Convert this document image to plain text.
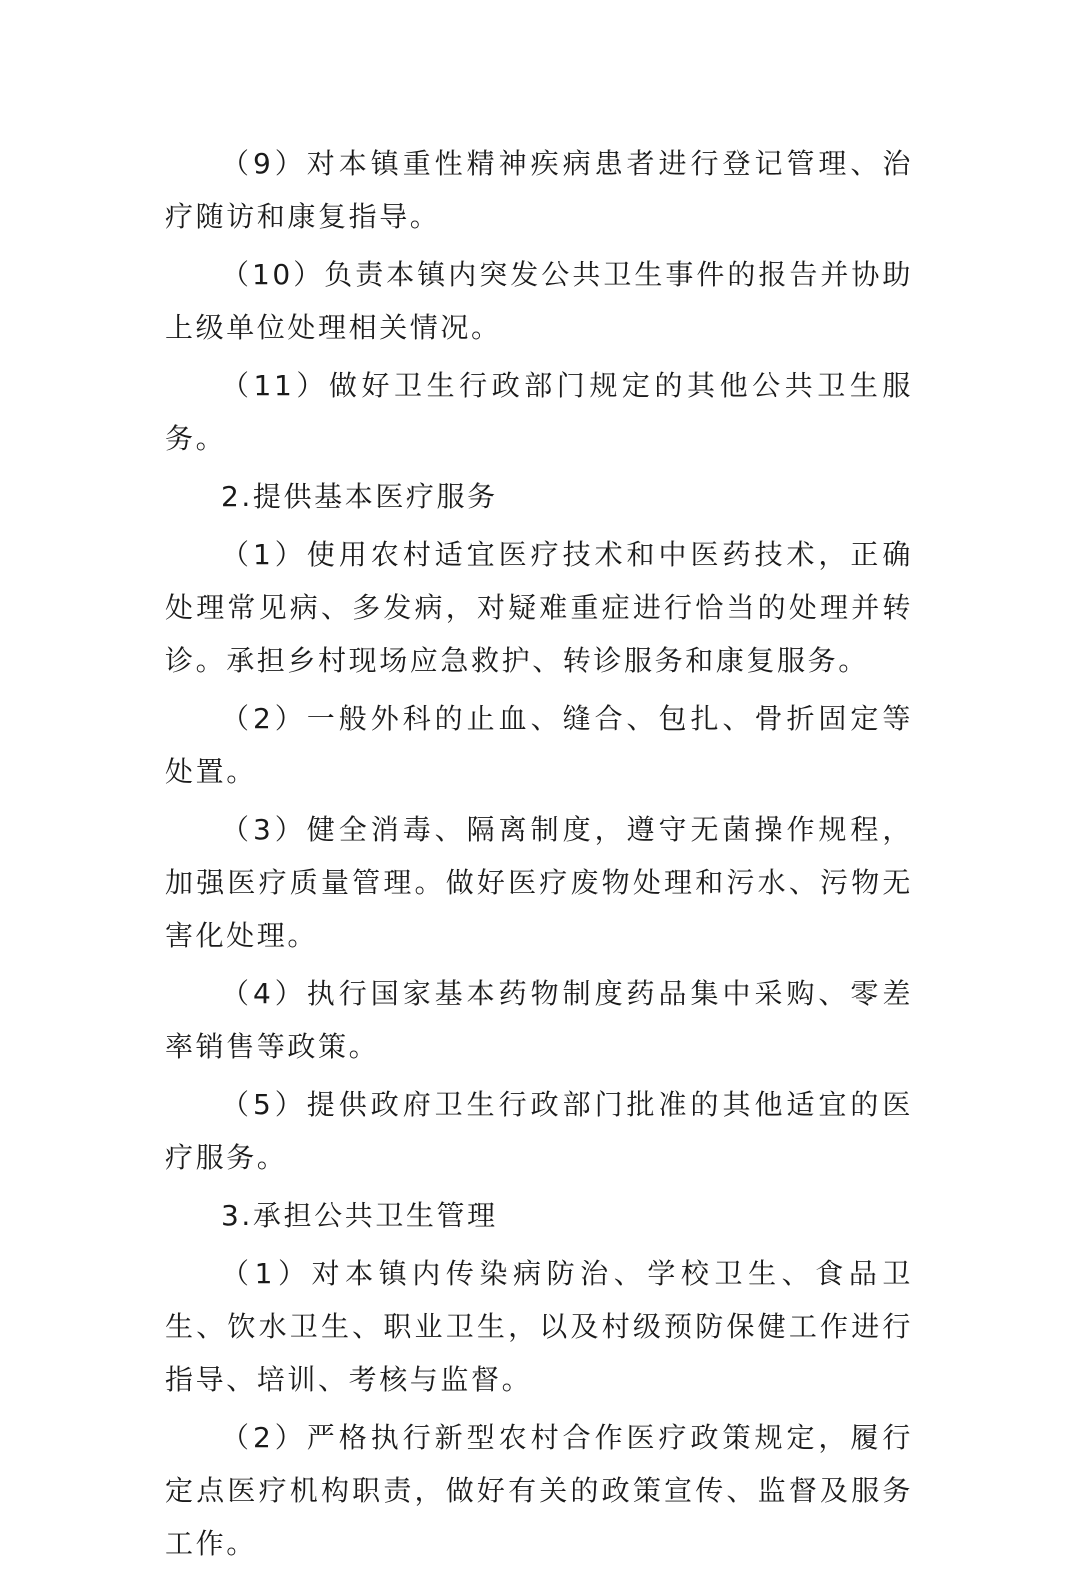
（9）对本镇重性精神疾病患者进行登记管理、治疗随访和康复指导。

（10）负责本镇内突发公共卫生事件的报告并协助上级单位处理相关情况。

（11）做好卫生行政部门规定的其他公共卫生服务。

2.提供基本医疗服务

（1）使用农村适宜医疗技术和中医药技术，正确处理常见病、多发病，对疑难重症进行恰当的处理并转诊。承担乡村现场应急救护、转诊服务和康复服务。

（2）一般外科的止血、缝合、包扎、骨折固定等处置。

（3）健全消毒、隔离制度，遵守无菌操作规程，加强医疗质量管理。做好医疗废物处理和污水、污物无害化处理。

（4）执行国家基本药物制度药品集中采购、零差率销售等政策。

（5）提供政府卫生行政部门批准的其他适宜的医疗服务。

3.承担公共卫生管理

（1）对本镇内传染病防治、学校卫生、食品卫生、饮水卫生、职业卫生，以及村级预防保健工作进行指导、培训、考核与监督。

（2）严格执行新型农村合作医疗政策规定，履行定点医疗机构职责，做好有关的政策宣传、监督及服务工作。
